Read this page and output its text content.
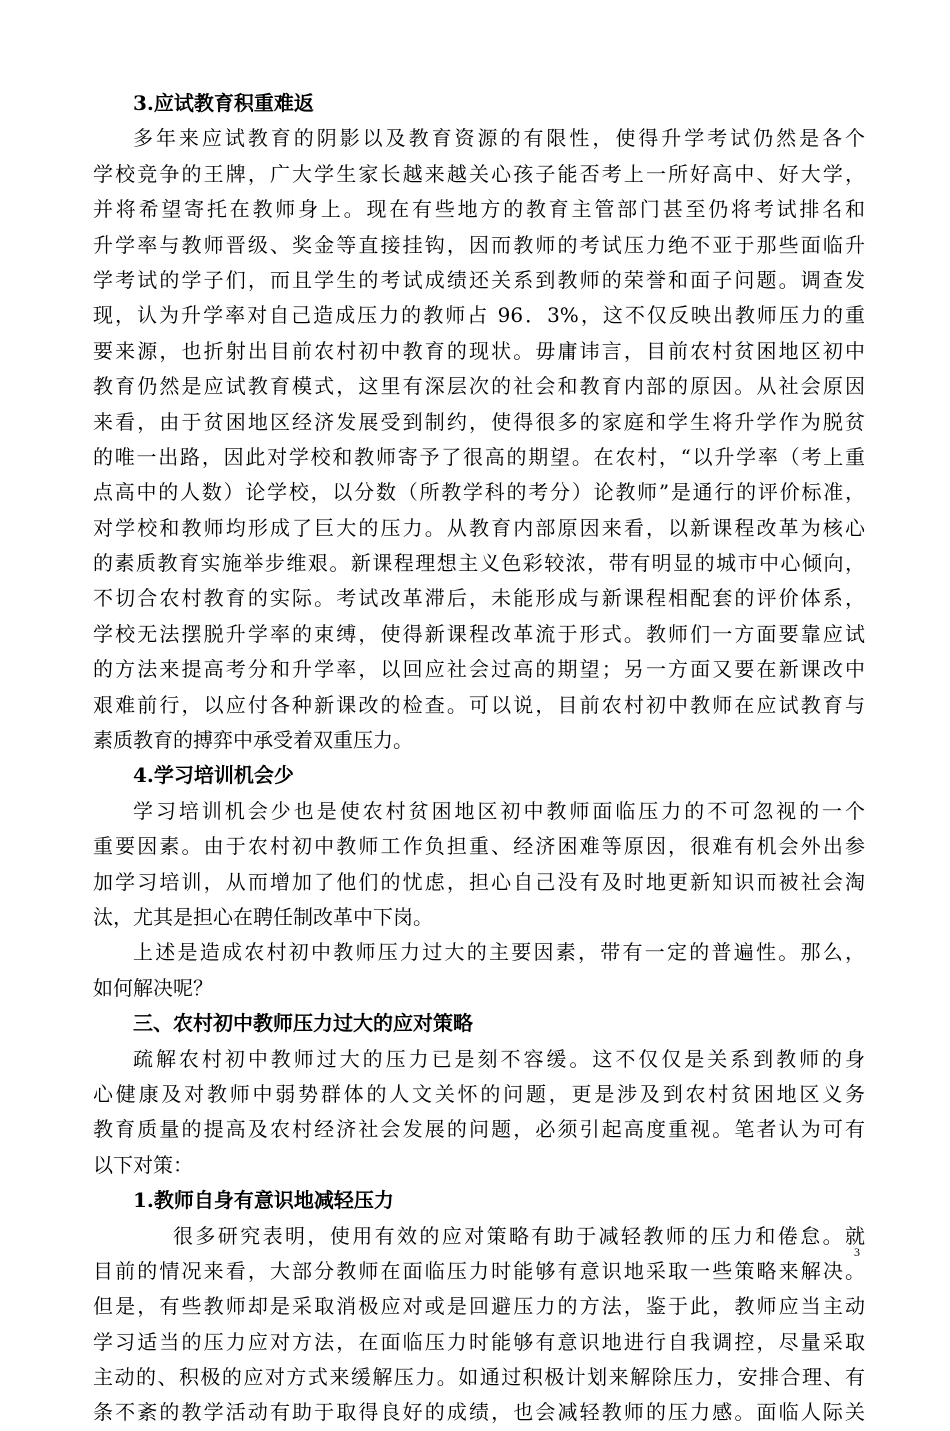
3.应试教育积重难返
多年来应试教育的阴影以及教育资源的有限性，使得升学考试仍然是各个
学校竞争的王牌，广大学生家长越来越关心孩子能否考上一所好高中、好大学，
并将希望寄托在教师身上。现在有些地方的教育主管部门甚至仍将考试排名和
升学率与教师晋级、奖金等直接挂钩，因而教师的考试压力绝不亚于那些面临升
学考试的学子们，而且学生的考试成绩还关系到教师的荣誉和面子问题。调查发
现，认为升学率对自己造成压力的教师占 96．3%，这不仅反映出教师压力的重
要来源，也折射出目前农村初中教育的现状。毋庸讳言，目前农村贫困地区初中
教育仍然是应试教育模式，这里有深层次的社会和教育内部的原因。从社会原因
来看，由于贫困地区经济发展受到制约，使得很多的家庭和学生将升学作为脱贫
的唯一出路，因此对学校和教师寄予了很高的期望。在农村，“以升学率（考上重
点高中的人数）论学校，以分数（所教学科的考分）论教师”是通行的评价标准，
对学校和教师均形成了巨大的压力。从教育内部原因来看，以新课程改革为核心
的素质教育实施举步维艰。新课程理想主义色彩较浓，带有明显的城市中心倾向，
不切合农村教育的实际。考试改革滞后，未能形成与新课程相配套的评价体系，
学校无法摆脱升学率的束缚，使得新课程改革流于形式。教师们一方面要靠应试
的方法来提高考分和升学率，以回应社会过高的期望；另一方面又要在新课改中
艰难前行，以应付各种新课改的检查。可以说，目前农村初中教师在应试教育与
素质教育的搏弈中承受着双重压力。
4.学习培训机会少
学习培训机会少也是使农村贫困地区初中教师面临压力的不可忽视的一个
重要因素。由于农村初中教师工作负担重、经济困难等原因，很难有机会外出参
加学习培训，从而增加了他们的忧虑，担心自己没有及时地更新知识而被社会淘
汰，尤其是担心在聘任制改革中下岗。
上述是造成农村初中教师压力过大的主要因素，带有一定的普遍性。那么，
如何解决呢？
三、农村初中教师压力过大的应对策略
疏解农村初中教师过大的压力已是刻不容缓。这不仅仅是关系到教师的身
心健康及对教师中弱势群体的人文关怀的问题，更是涉及到农村贫困地区义务
教育质量的提高及农村经济社会发展的问题，必须引起高度重视。笔者认为可有
以下对策：
1.教师自身有意识地减轻压力
很多研究表明，使用有效的应对策略有助于减轻教师的压力和倦怠。就
目前的情况来看，大部分教师在面临压力时能够有意识地采取一些策略来解决。
但是，有些教师却是采取消极应对或是回避压力的方法，鉴于此，教师应当主动
学习适当的压力应对方法，在面临压力时能够有意识地进行自我调控，尽量采取
主动的、积极的应对方式来缓解压力。如通过积极计划来解除压力，安排合理、有
条不紊的教学活动有助于取得良好的成绩，也会减轻教师的压力感。面临人际关
3
